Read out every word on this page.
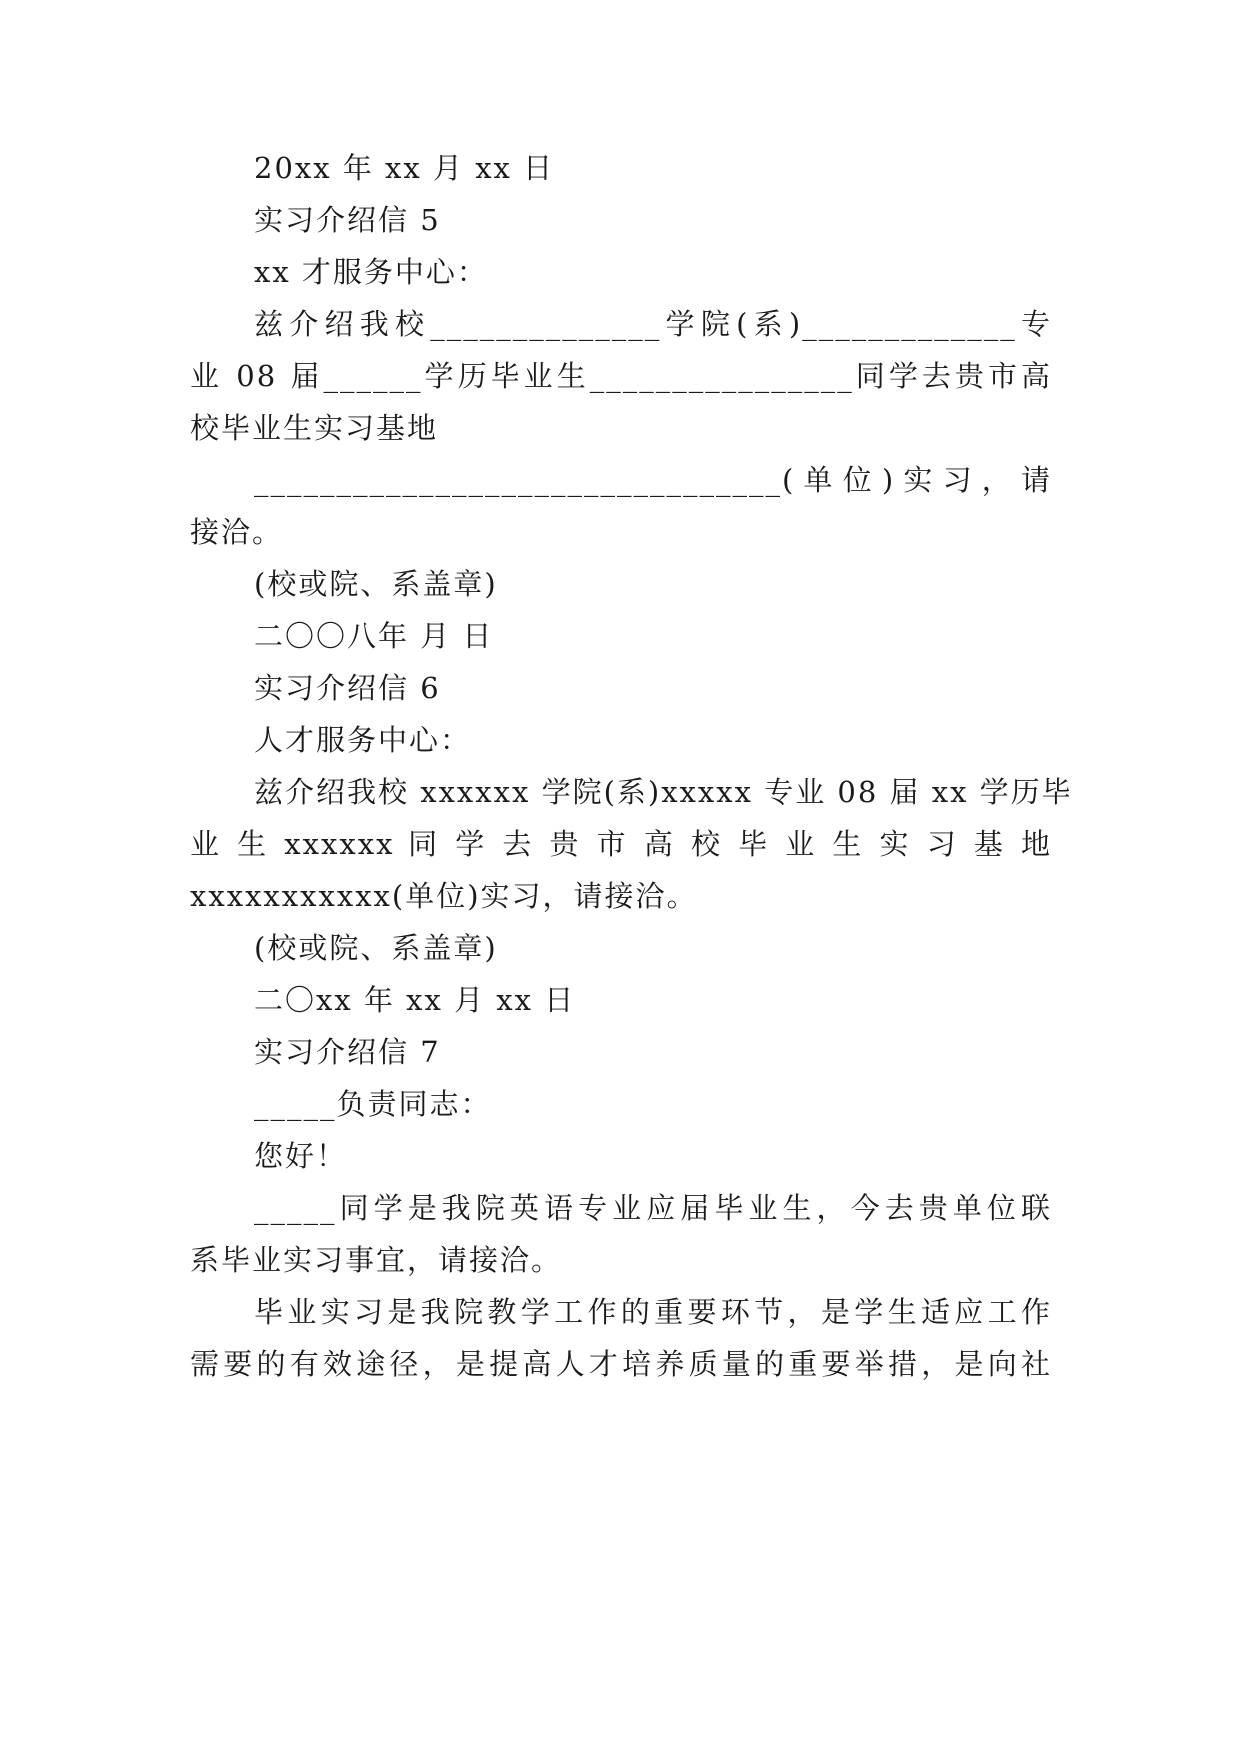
20xx 年 xx 月 xx 日
实习介绍信 5
xx 才服务中心：
兹介绍我校______________学院(系)_____________专
业 08 届______学历毕业生________________同学去贵市高
校毕业生实习基地
________________________________(单位)实习，请
接洽。
(校或院、系盖章)
二〇〇八年 月 日
实习介绍信 6
人才服务中心：
兹介绍我校 xxxxxx 学院(系)xxxxx 专业 08 届 xx 学历毕
业 生 xxxxxx 同 学 去 贵 市 高 校 毕 业 生 实 习 基 地
xxxxxxxxxxx(单位)实习，请接洽。
(校或院、系盖章)
二〇xx 年 xx 月 xx 日
实习介绍信 7
_____负责同志：
您好！
_____同学是我院英语专业应届毕业生，今去贵单位联
系毕业实习事宜，请接洽。
毕业实习是我院教学工作的重要环节，是学生适应工作
需要的有效途径，是提高人才培养质量的重要举措，是向社
